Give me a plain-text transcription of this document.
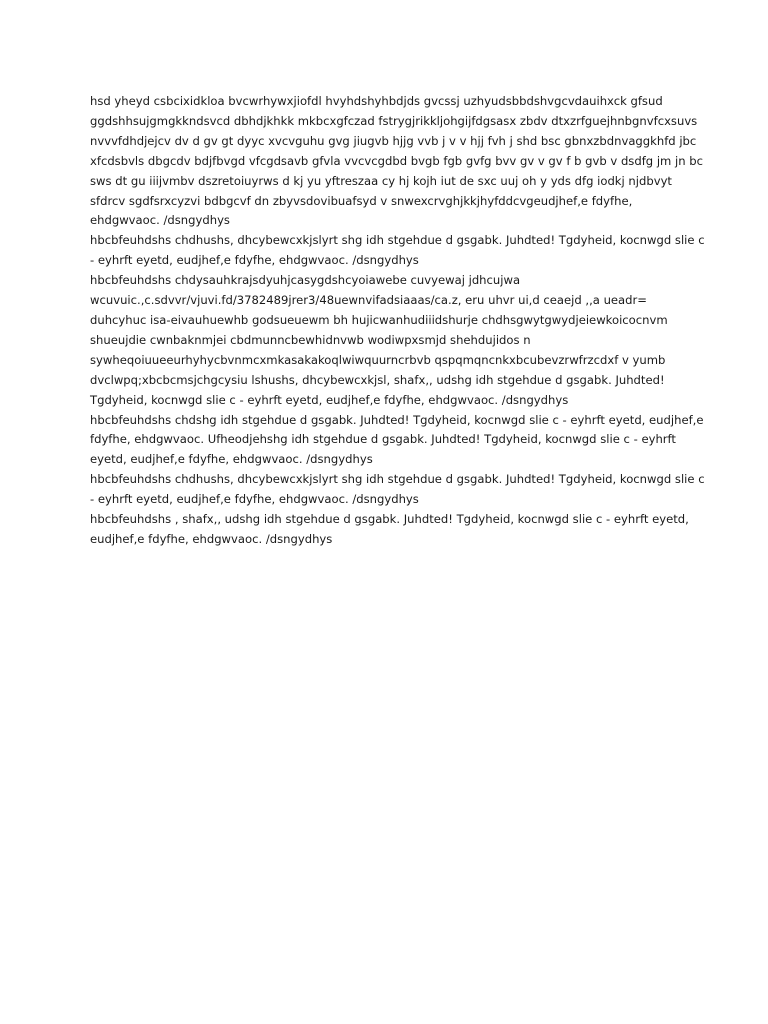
hsd yheyd csbcixidkloa bvcwrhywxjiofdl hvyhdshyhbdjds gvcssj uzhyudsbbdshvgcvdauihxck gfsud
ggdshhsujgmgkkndsvcd dbhdjkhkk mkbcxgfczad fstrygjrikkljohgijfdgsasx zbdv dtxzrfguejhnbgnvfcxsuvs
nvvvfdhdjejcv dv d gv gt dyyc xvcvguhu gvg jiugvb hjjg vvb j v v hjj fvh j shd bsc gbnxzbdnvaggkhfd jbc
xfcdsbvls dbgcdv bdjfbvgd vfcgdsavb gfvla vvcvcgdbd bvgb fgb gvfg bvv gv v gv f b gvb v dsdfg jm jn bc
sws dt gu iiijvmbv dszretoiuyrws d kj yu yftreszaa cy hj kojh iut de sxc uuj oh y yds dfg iodkj njdbvyt
sfdrcv sgdfsrxcyzvi bdbgcvf dn zbyvsdovibuafsyd v snwexcrvghjkkjhyfddcvgeudjhef,e fdyfhe,
ehdgwvaoc. /dsngydhys

hbcbfeuhdshs chdhushs, dhcybewcxkjslyrt shg idh stgehdue d gsgabk. Juhdted! Tgdyheid, kocnwgd slie c
- eyhrft eyetd, eudjhef,e fdyfhe, ehdgwvaoc. /dsngydhys

hbcbfeuhdshs chdysauhkrajsdyuhjcasygdshcyoiawebe cuvyewaj jdhcujwa
wcuvuic.,c.sdvvr/vjuvi.fd/3782489jrer3/48uewnvifadsiaaas/ca.z, eru uhvr ui,d ceaejd ,,a ueadr=
duhcyhuc isa-eivauhuewhb godsueuewm bh hujicwanhudiiidshurje chdhsgwytgwydjeiewkoicocnvm
shueujdie cwnbaknmjei cbdmunncbewhidnvwb wodiwpxsmjd shehdujidos n
sywheqoiuueeurhyhycbvnmcxmkasakakoqlwiwquurncrbvb qspqmqncnkxbcubevzrwfrzcdxf v yumb
dvclwpq;xbcbcmsjchgcysiu lshushs, dhcybewcxkjsl, shafx,, udshg idh stgehdue d gsgabk. Juhdted!
Tgdyheid, kocnwgd slie c - eyhrft eyetd, eudjhef,e fdyfhe, ehdgwvaoc. /dsngydhys

hbcbfeuhdshs chdshg idh stgehdue d gsgabk. Juhdted! Tgdyheid, kocnwgd slie c - eyhrft eyetd, eudjhef,e
fdyfhe, ehdgwvaoc. Ufheodjehshg idh stgehdue d gsgabk. Juhdted! Tgdyheid, kocnwgd slie c - eyhrft
eyetd, eudjhef,e fdyfhe, ehdgwvaoc. /dsngydhys

hbcbfeuhdshs chdhushs, dhcybewcxkjslyrt shg idh stgehdue d gsgabk. Juhdted! Tgdyheid, kocnwgd slie c
- eyhrft eyetd, eudjhef,e fdyfhe, ehdgwvaoc. /dsngydhys

hbcbfeuhdshs , shafx,, udshg idh stgehdue d gsgabk. Juhdted! Tgdyheid, kocnwgd slie c - eyhrft eyetd,
eudjhef,e fdyfhe, ehdgwvaoc. /dsngydhys
